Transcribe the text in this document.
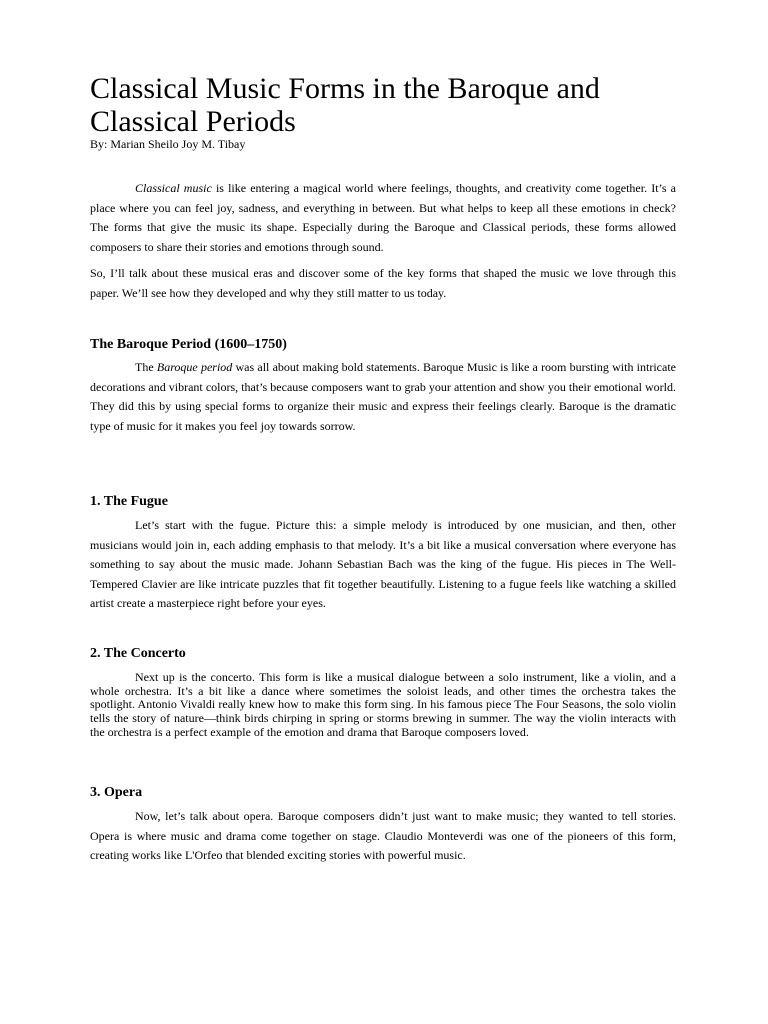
Classical Music Forms in the Baroque and Classical Periods

By: Marian Sheilo Joy M. Tibay

Classical music is like entering a magical world where feelings, thoughts, and creativity come together. It’s a place where you can feel joy, sadness, and everything in between. But what helps to keep all these emotions in check? The forms that give the music its shape. Especially during the Baroque and Classical periods, these forms allowed composers to share their stories and emotions through sound.

So, I’ll talk about these musical eras and discover some of the key forms that shaped the music we love through this paper. We’ll see how they developed and why they still matter to us today.

The Baroque Period (1600–1750)

The Baroque period was all about making bold statements. Baroque Music is like a room bursting with intricate decorations and vibrant colors, that’s because composers want to grab your attention and show you their emotional world. They did this by using special forms to organize their music and express their feelings clearly. Baroque is the dramatic type of music for it makes you feel joy towards sorrow.

1. The Fugue

Let’s start with the fugue. Picture this: a simple melody is introduced by one musician, and then, other musicians would join in, each adding emphasis to that melody. It’s a bit like a musical conversation where everyone has something to say about the music made. Johann Sebastian Bach was the king of the fugue. His pieces in The Well-Tempered Clavier are like intricate puzzles that fit together beautifully. Listening to a fugue feels like watching a skilled artist create a masterpiece right before your eyes.

2. The Concerto

Next up is the concerto. This form is like a musical dialogue between a solo instrument, like a violin, and a whole orchestra. It’s a bit like a dance where sometimes the soloist leads, and other times the orchestra takes the spotlight. Antonio Vivaldi really knew how to make this form sing. In his famous piece The Four Seasons, the solo violin tells the story of nature—think birds chirping in spring or storms brewing in summer. The way the violin interacts with the orchestra is a perfect example of the emotion and drama that Baroque composers loved.

3. Opera

Now, let’s talk about opera. Baroque composers didn’t just want to make music; they wanted to tell stories. Opera is where music and drama come together on stage. Claudio Monteverdi was one of the pioneers of this form, creating works like L'Orfeo that blended exciting stories with powerful music.
